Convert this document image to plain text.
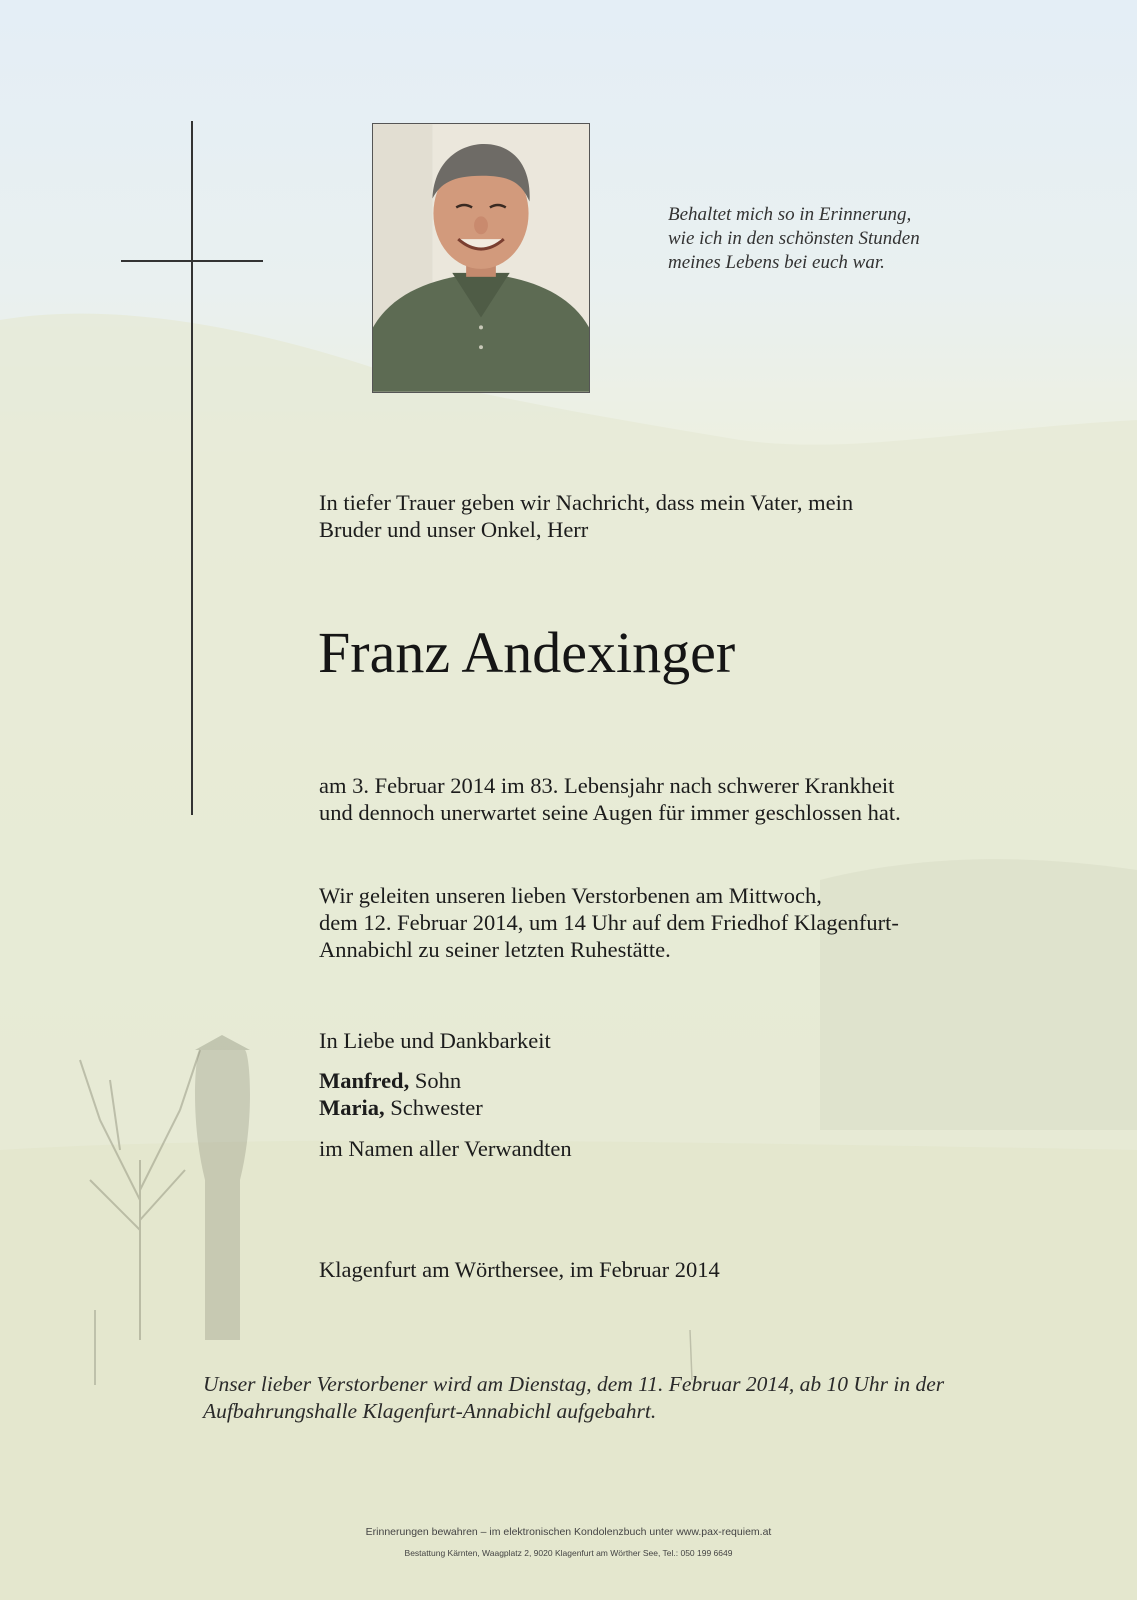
Behaltet mich so in Erinnerung,
wie ich in den schönsten Stunden
meines Lebens bei euch war.
In tiefer Trauer geben wir Nachricht, dass mein Vater, mein
Bruder und unser Onkel, Herr
Franz Andexinger
am 3. Februar 2014 im 83. Lebensjahr nach schwerer Krankheit
und dennoch unerwartet seine Augen für immer geschlossen hat.
Wir geleiten unseren lieben Verstorbenen am Mittwoch,
dem 12. Februar 2014, um 14 Uhr auf dem Friedhof Klagenfurt-
Annabichl zu seiner letzten Ruhestätte.
In Liebe und Dankbarkeit
Manfred, Sohn
Maria, Schwester
im Namen aller Verwandten
Klagenfurt am Wörthersee, im Februar 2014
Unser lieber Verstorbener wird am Dienstag, dem 11. Februar 2014, ab 10 Uhr in der
Aufbahrungshalle Klagenfurt-Annabichl aufgebahrt.
Erinnerungen bewahren – im elektronischen Kondolenzbuch unter www.pax-requiem.at
Bestattung Kärnten, Waagplatz 2, 9020 Klagenfurt am Wörther See, Tel.: 050 199 6649
